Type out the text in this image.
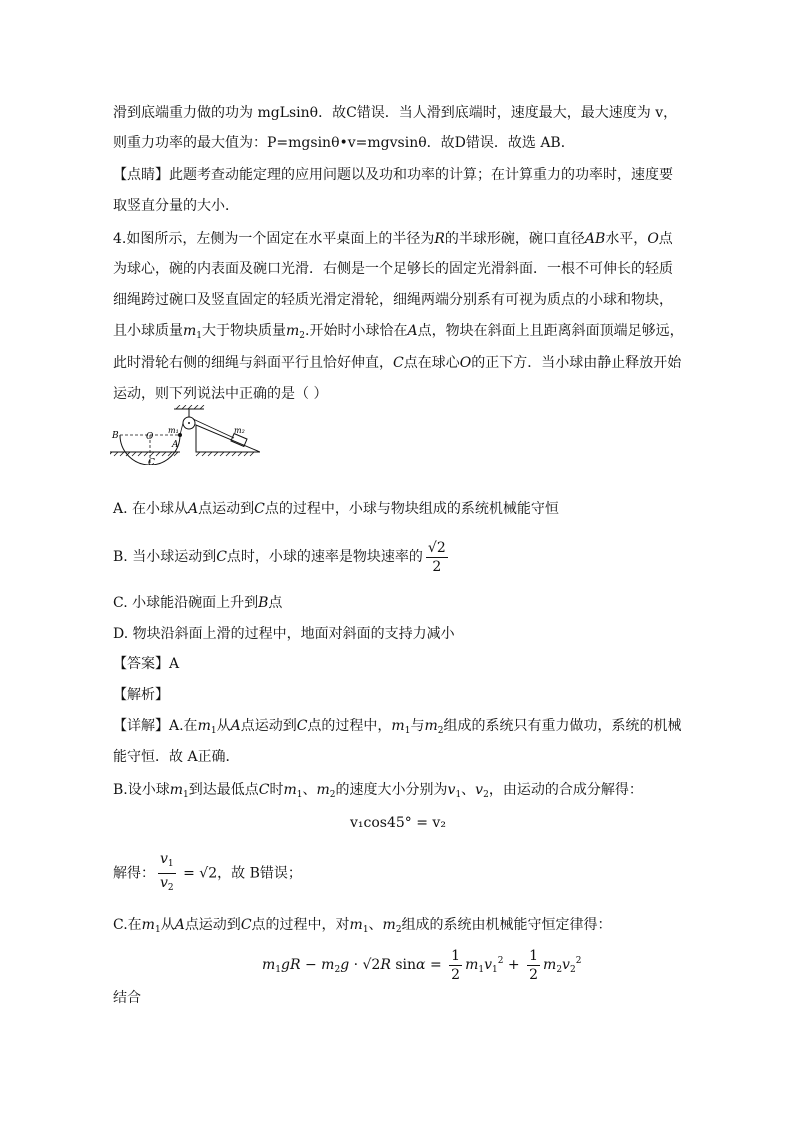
滑到底端重力做的功为 mgLsinθ．故C错误．当人滑到底端时，速度最大，最大速度为 v，
则重力功率的最大值为：P=mgsinθ•v=mgvsinθ．故D错误．故选 AB．
【点睛】此题考查动能定理的应用问题以及功和功率的计算；在计算重力的功率时，速度要
取竖直分量的大小．
4.如图所示，左侧为一个固定在水平桌面上的半径为R的半球形碗，碗口直径AB水平，O点
为球心，碗的内表面及碗口光滑．右侧是一个足够长的固定光滑斜面．一根不可伸长的轻质
细绳跨过碗口及竖直固定的轻质光滑定滑轮，细绳两端分别系有可视为质点的小球和物块，
且小球质量$m_1$大于物块质量$m_2$.开始时小球恰在A点，物块在斜面上且距离斜面顶端足够远，
此时滑轮右侧的细绳与斜面平行且恰好伸直，C点在球心O的正下方．当小球由静止释放开始
运动，则下列说法中正确的是（ ）
B	O
A
C
m₁	m₂
A. 在小球从A点运动到C点的过程中，小球与物块组成的系统机械能守恒
B. 当小球运动到C点时，小球的速率是物块速率的 $\frac{√2}{2}$
C. 小球能沿碗面上升到B点
D. 物块沿斜面上滑的过程中，地面对斜面的支持力减小
【答案】A
【解析】
【详解】A.在$m_1$从A点运动到C点的过程中，$m_1$与$m_2$组成的系统只有重力做功，系统的机械
能守恒．故 A正确．
B.设小球$m_1$到达最低点C时$m_1$、$m_2$的速度大小分别为$v_1$、$v_2$，由运动的合成分解得：
v₁cos45° = v₂
解得： $\frac{v_1}{v_2} = √2$，故 B错误；
C.在$m_1$从A点运动到C点的过程中，对$m_1$、$m_2$组成的系统由机械能守恒定律得：
$m_1gR - m_2g \cdot √2R$ $\sin\alpha = \frac{1}{2} m_1v_1^2 + \frac{1}{2} m_2v_2^2$
结合
